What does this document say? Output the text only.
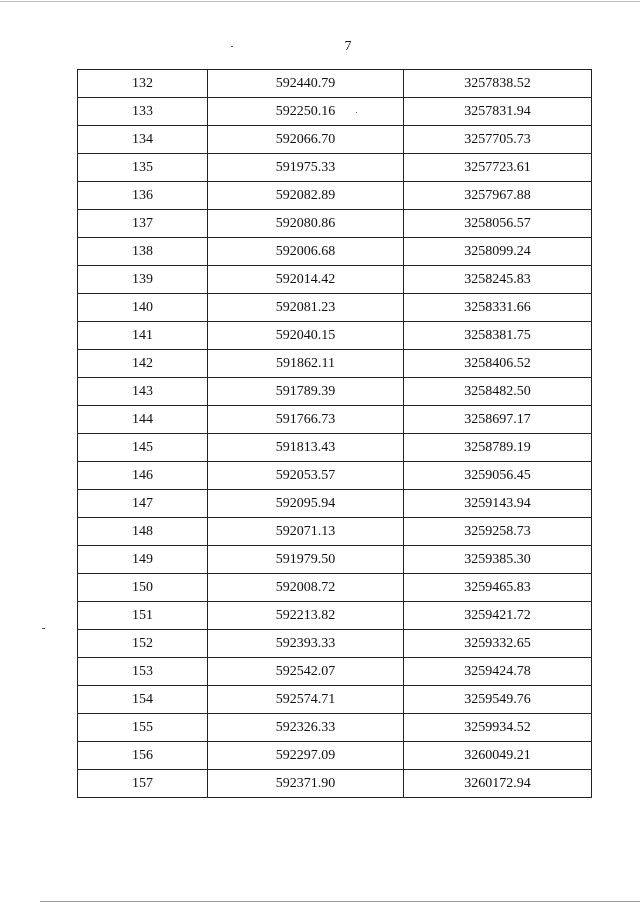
7
132	592440.79	3257838.52
133	592250.16	3257831.94
134	592066.70	3257705.73
135	591975.33	3257723.61
136	592082.89	3257967.88
137	592080.86	3258056.57
138	592006.68	3258099.24
139	592014.42	3258245.83
140	592081.23	3258331.66
141	592040.15	3258381.75
142	591862.11	3258406.52
143	591789.39	3258482.50
144	591766.73	3258697.17
145	591813.43	3258789.19
146	592053.57	3259056.45
147	592095.94	3259143.94
148	592071.13	3259258.73
149	591979.50	3259385.30
150	592008.72	3259465.83
151	592213.82	3259421.72
152	592393.33	3259332.65
153	592542.07	3259424.78
154	592574.71	3259549.76
155	592326.33	3259934.52
156	592297.09	3260049.21
157	592371.90	3260172.94
